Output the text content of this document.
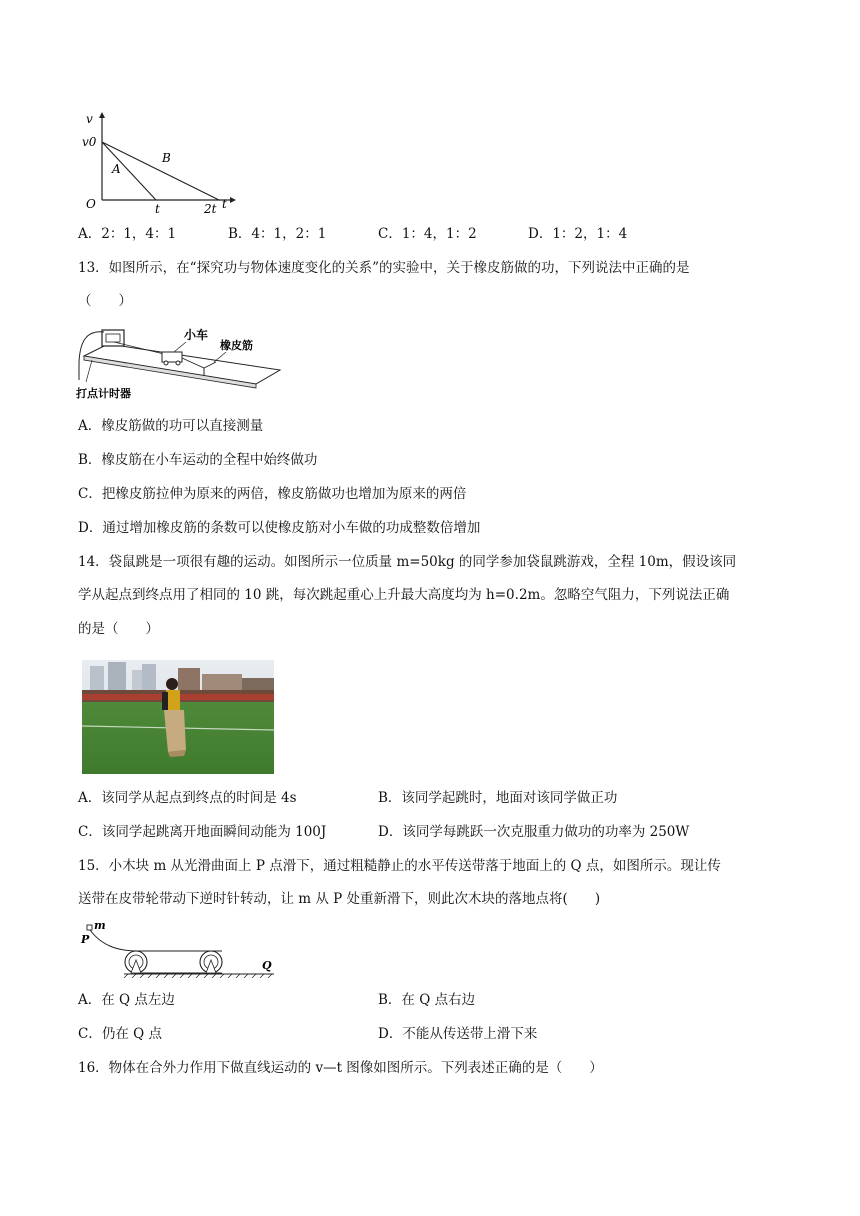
v
v0
A
B
O	t	2t t
A．2：1，4：1	B．4：1，2：1	C．1：4，1：2	D．1：2，1：4
13．如图所示，在“探究功与物体速度变化的关系”的实验中，关于橡皮筋做的功，下列说法中正确的是
（　　）
小车
橡皮筋
打点计时器
A．橡皮筋做的功可以直接测量
B．橡皮筋在小车运动的全程中始终做功
C．把橡皮筋拉伸为原来的两倍，橡皮筋做功也增加为原来的两倍
D．通过增加橡皮筋的条数可以使橡皮筋对小车做的功成整数倍增加
14．袋鼠跳是一项很有趣的运动。如图所示一位质量 m=50kg 的同学参加袋鼠跳游戏，全程 10m，假设该同
学从起点到终点用了相同的 10 跳，每次跳起重心上升最大高度均为 h=0.2m。忽略空气阻力，下列说法正确
的是（　　）
A．该同学从起点到终点的时间是 4s	B．该同学起跳时，地面对该同学做正功
C．该同学起跳离开地面瞬间动能为 100J	D．该同学每跳跃一次克服重力做功的功率为 250W
15．小木块 m 从光滑曲面上 P 点滑下，通过粗糙静止的水平传送带落于地面上的 Q 点，如图所示。现让传
送带在皮带轮带动下逆时针转动，让 m 从 P 处重新滑下，则此次木块的落地点将(　　)
m
P
Q
A．在 Q 点左边	B．在 Q 点右边
C．仍在 Q 点	D．不能从传送带上滑下来
16．物体在合外力作用下做直线运动的 v—t 图像如图所示。下列表述正确的是（　　）
